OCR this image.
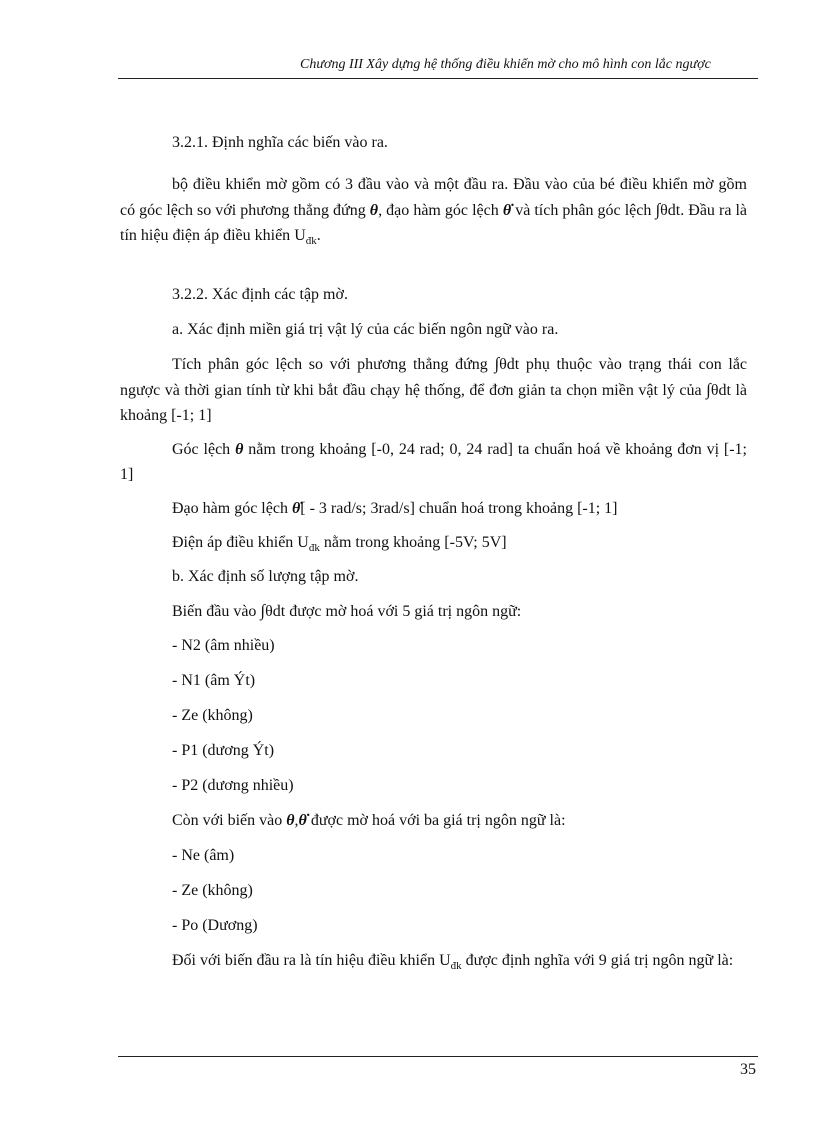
Chương III Xây dựng hệ thống điều khiển mờ cho mô hình con lắc ngược

3.2.1. Định nghĩa các biến vào ra.

bộ điều khiển mờ gồm có 3 đầu vào và một đầu ra. Đầu vào của bé điều khiển mờ gồm có góc lệch so với phương thẳng đứng θ, đạo hàm góc lệch θ̇ và tích phân góc lệch ∫θdt. Đầu ra là tín hiệu điện áp điều khiển $U_{đk}$.

3.2.2. Xác định các tập mờ.

a. Xác định miền giá trị vật lý của các biến ngôn ngữ vào ra.

Tích phân góc lệch so với phương thẳng đứng ∫θdt phụ thuộc vào trạng thái con lắc ngược và thời gian tính từ khi bắt đầu chạy hệ thống, để đơn giản ta chọn miền vật lý của ∫θdt là khoảng [-1; 1]

Góc lệch θ nằm trong khoảng [-0, 24 rad; 0, 24 rad] ta chuẩn hoá về khoảng đơn vị [-1; 1]

Đạo hàm góc lệch θ̇[ - 3 rad/s; 3rad/s] chuẩn hoá trong khoảng [-1; 1]

Điện áp điều khiển $U_{đk}$ nằm trong khoảng [-5V; 5V]

b. Xác định số lượng tập mờ.

Biến đầu vào ∫θdt được mờ hoá với 5 giá trị ngôn ngữ:

- N2 (âm nhiều)

- N1 (âm Ýt)

- Ze (không)

- P1 (dương Ýt)

- P2 (dương nhiều)

Còn với biến vào θ,θ̇ được mờ hoá với ba giá trị ngôn ngữ là:

- Ne (âm)

- Ze (không)

- Po (Dương)

Đối với biến đầu ra là tín hiệu điều khiển $U_{đk}$ được định nghĩa với 9 giá trị ngôn ngữ là:

35
